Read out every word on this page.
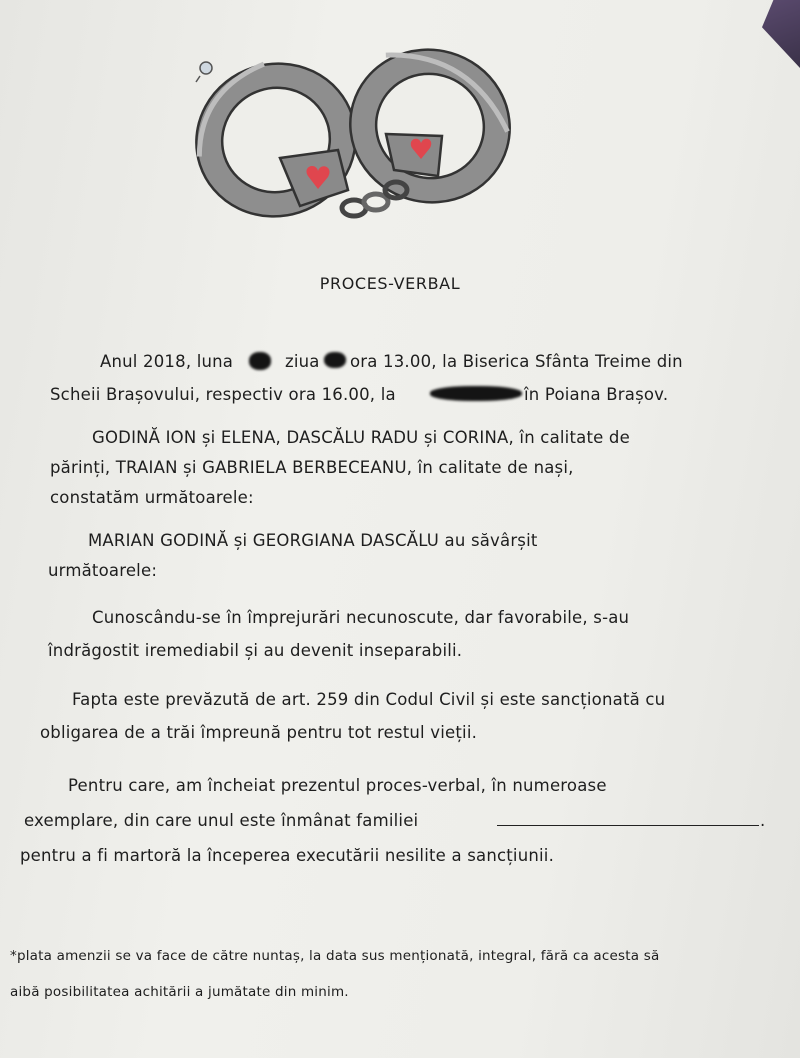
PROCES-VERBAL
Anul 2018, luna	ziua ora 13.00, la Biserica Sfânta Treime din
Scheii Brașovului, respectiv ora 16.00, la	în Poiana Brașov.
GODINĂ ION și ELENA, DASCĂLU RADU și CORINA, în calitate de
părinți, TRAIAN și GABRIELA BERBECEANU, în calitate de nași,
constatăm următoarele:
MARIAN GODINĂ și GEORGIANA DASCĂLU au săvârșit
următoarele:
Cunoscându-se în împrejurări necunoscute, dar favorabile, s-au
îndrăgostit iremediabil și au devenit inseparabili.
Fapta este prevăzută de art. 259 din Codul Civil și este sancționată cu
obligarea de a trăi împreună pentru tot restul vieții.
Pentru care, am încheiat prezentul proces-verbal, în numeroase
exemplare, din care unul este înmânat familiei	.
pentru a fi martoră la începerea executării nesilite a sancțiunii.
*plata amenzii se va face de către nuntaș, la data sus menționată, integral, fără ca acesta să
aibă posibilitatea achitării a jumătate din minim.
